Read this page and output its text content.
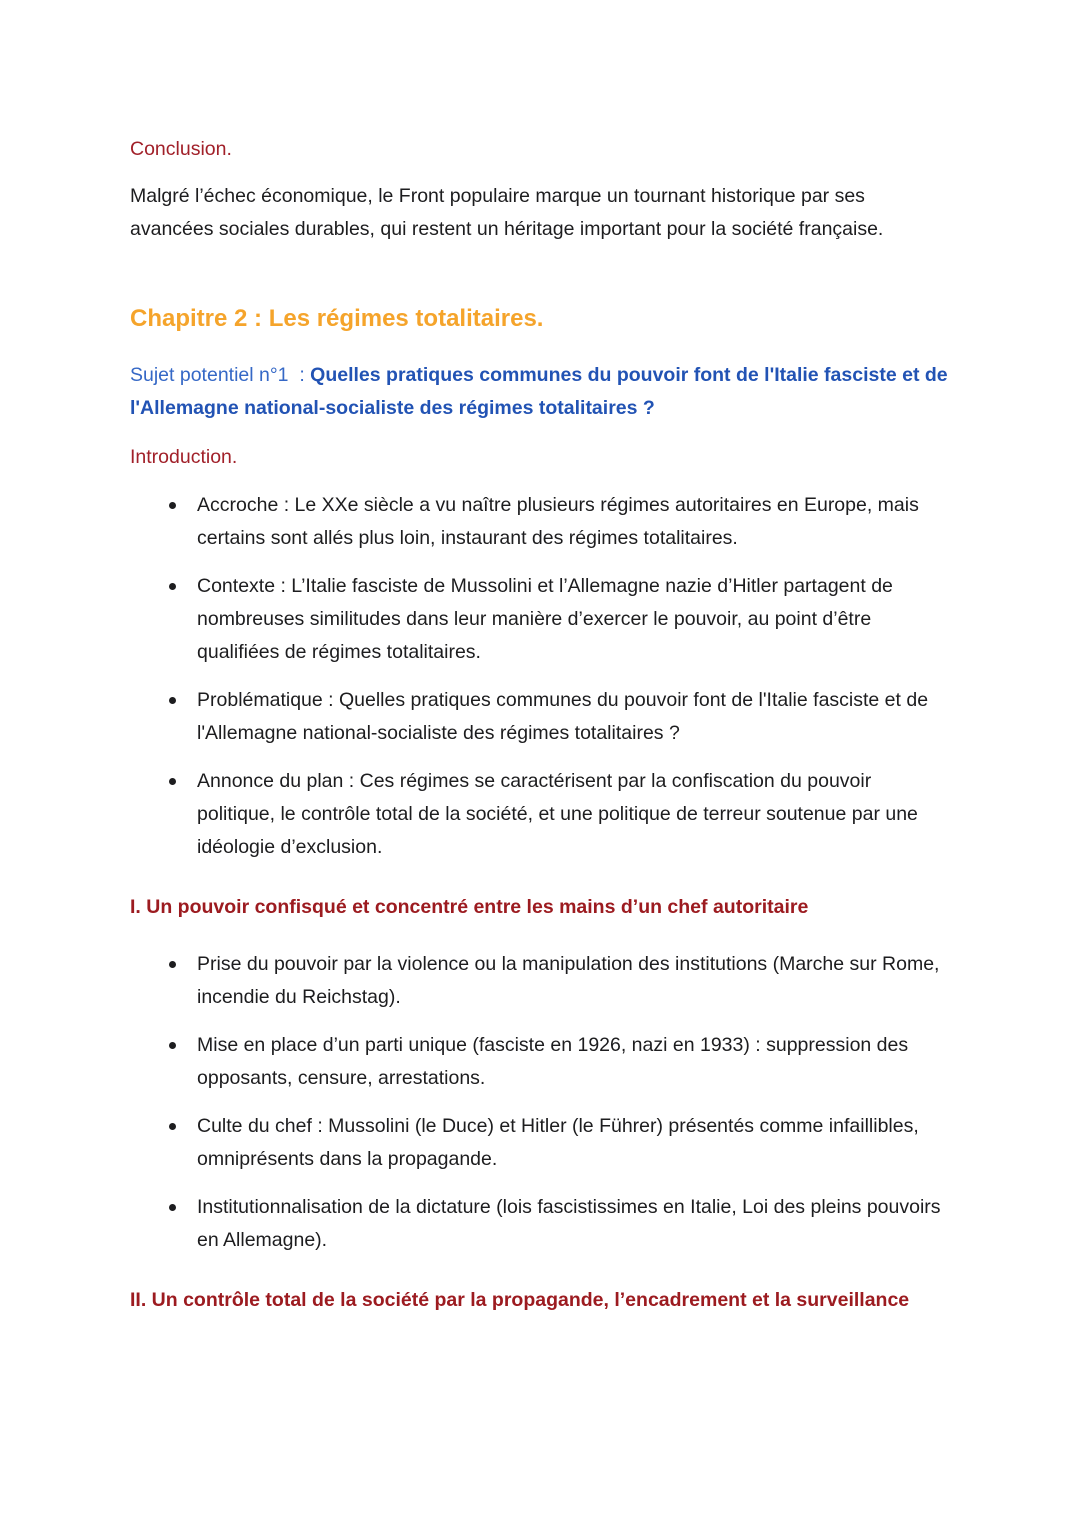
Conclusion.

Malgré l’échec économique, le Front populaire marque un tournant historique par ses avancées sociales durables, qui restent un héritage important pour la société française.

Chapitre 2 : Les régimes totalitaires.

Sujet potentiel n°1  : Quelles pratiques communes du pouvoir font de l'Italie fasciste et de l'Allemagne national-socialiste des régimes totalitaires ?

Introduction.

Accroche : Le XXe siècle a vu naître plusieurs régimes autoritaires en Europe, mais certains sont allés plus loin, instaurant des régimes totalitaires.
Contexte : L’Italie fasciste de Mussolini et l’Allemagne nazie d’Hitler partagent de nombreuses similitudes dans leur manière d’exercer le pouvoir, au point d’être qualifiées de régimes totalitaires.
Problématique : Quelles pratiques communes du pouvoir font de l'Italie fasciste et de l'Allemagne national-socialiste des régimes totalitaires ?
Annonce du plan : Ces régimes se caractérisent par la confiscation du pouvoir politique, le contrôle total de la société, et une politique de terreur soutenue par une idéologie d’exclusion.
I. Un pouvoir confisqué et concentré entre les mains d’un chef autoritaire
Prise du pouvoir par la violence ou la manipulation des institutions (Marche sur Rome, incendie du Reichstag).
Mise en place d’un parti unique (fasciste en 1926, nazi en 1933) : suppression des opposants, censure, arrestations.
Culte du chef : Mussolini (le Duce) et Hitler (le Führer) présentés comme infaillibles, omniprésents dans la propagande.
Institutionnalisation de la dictature (lois fascistissimes en Italie, Loi des pleins pouvoirs en Allemagne).
II. Un contrôle total de la société par la propagande, l’encadrement et la surveillance
